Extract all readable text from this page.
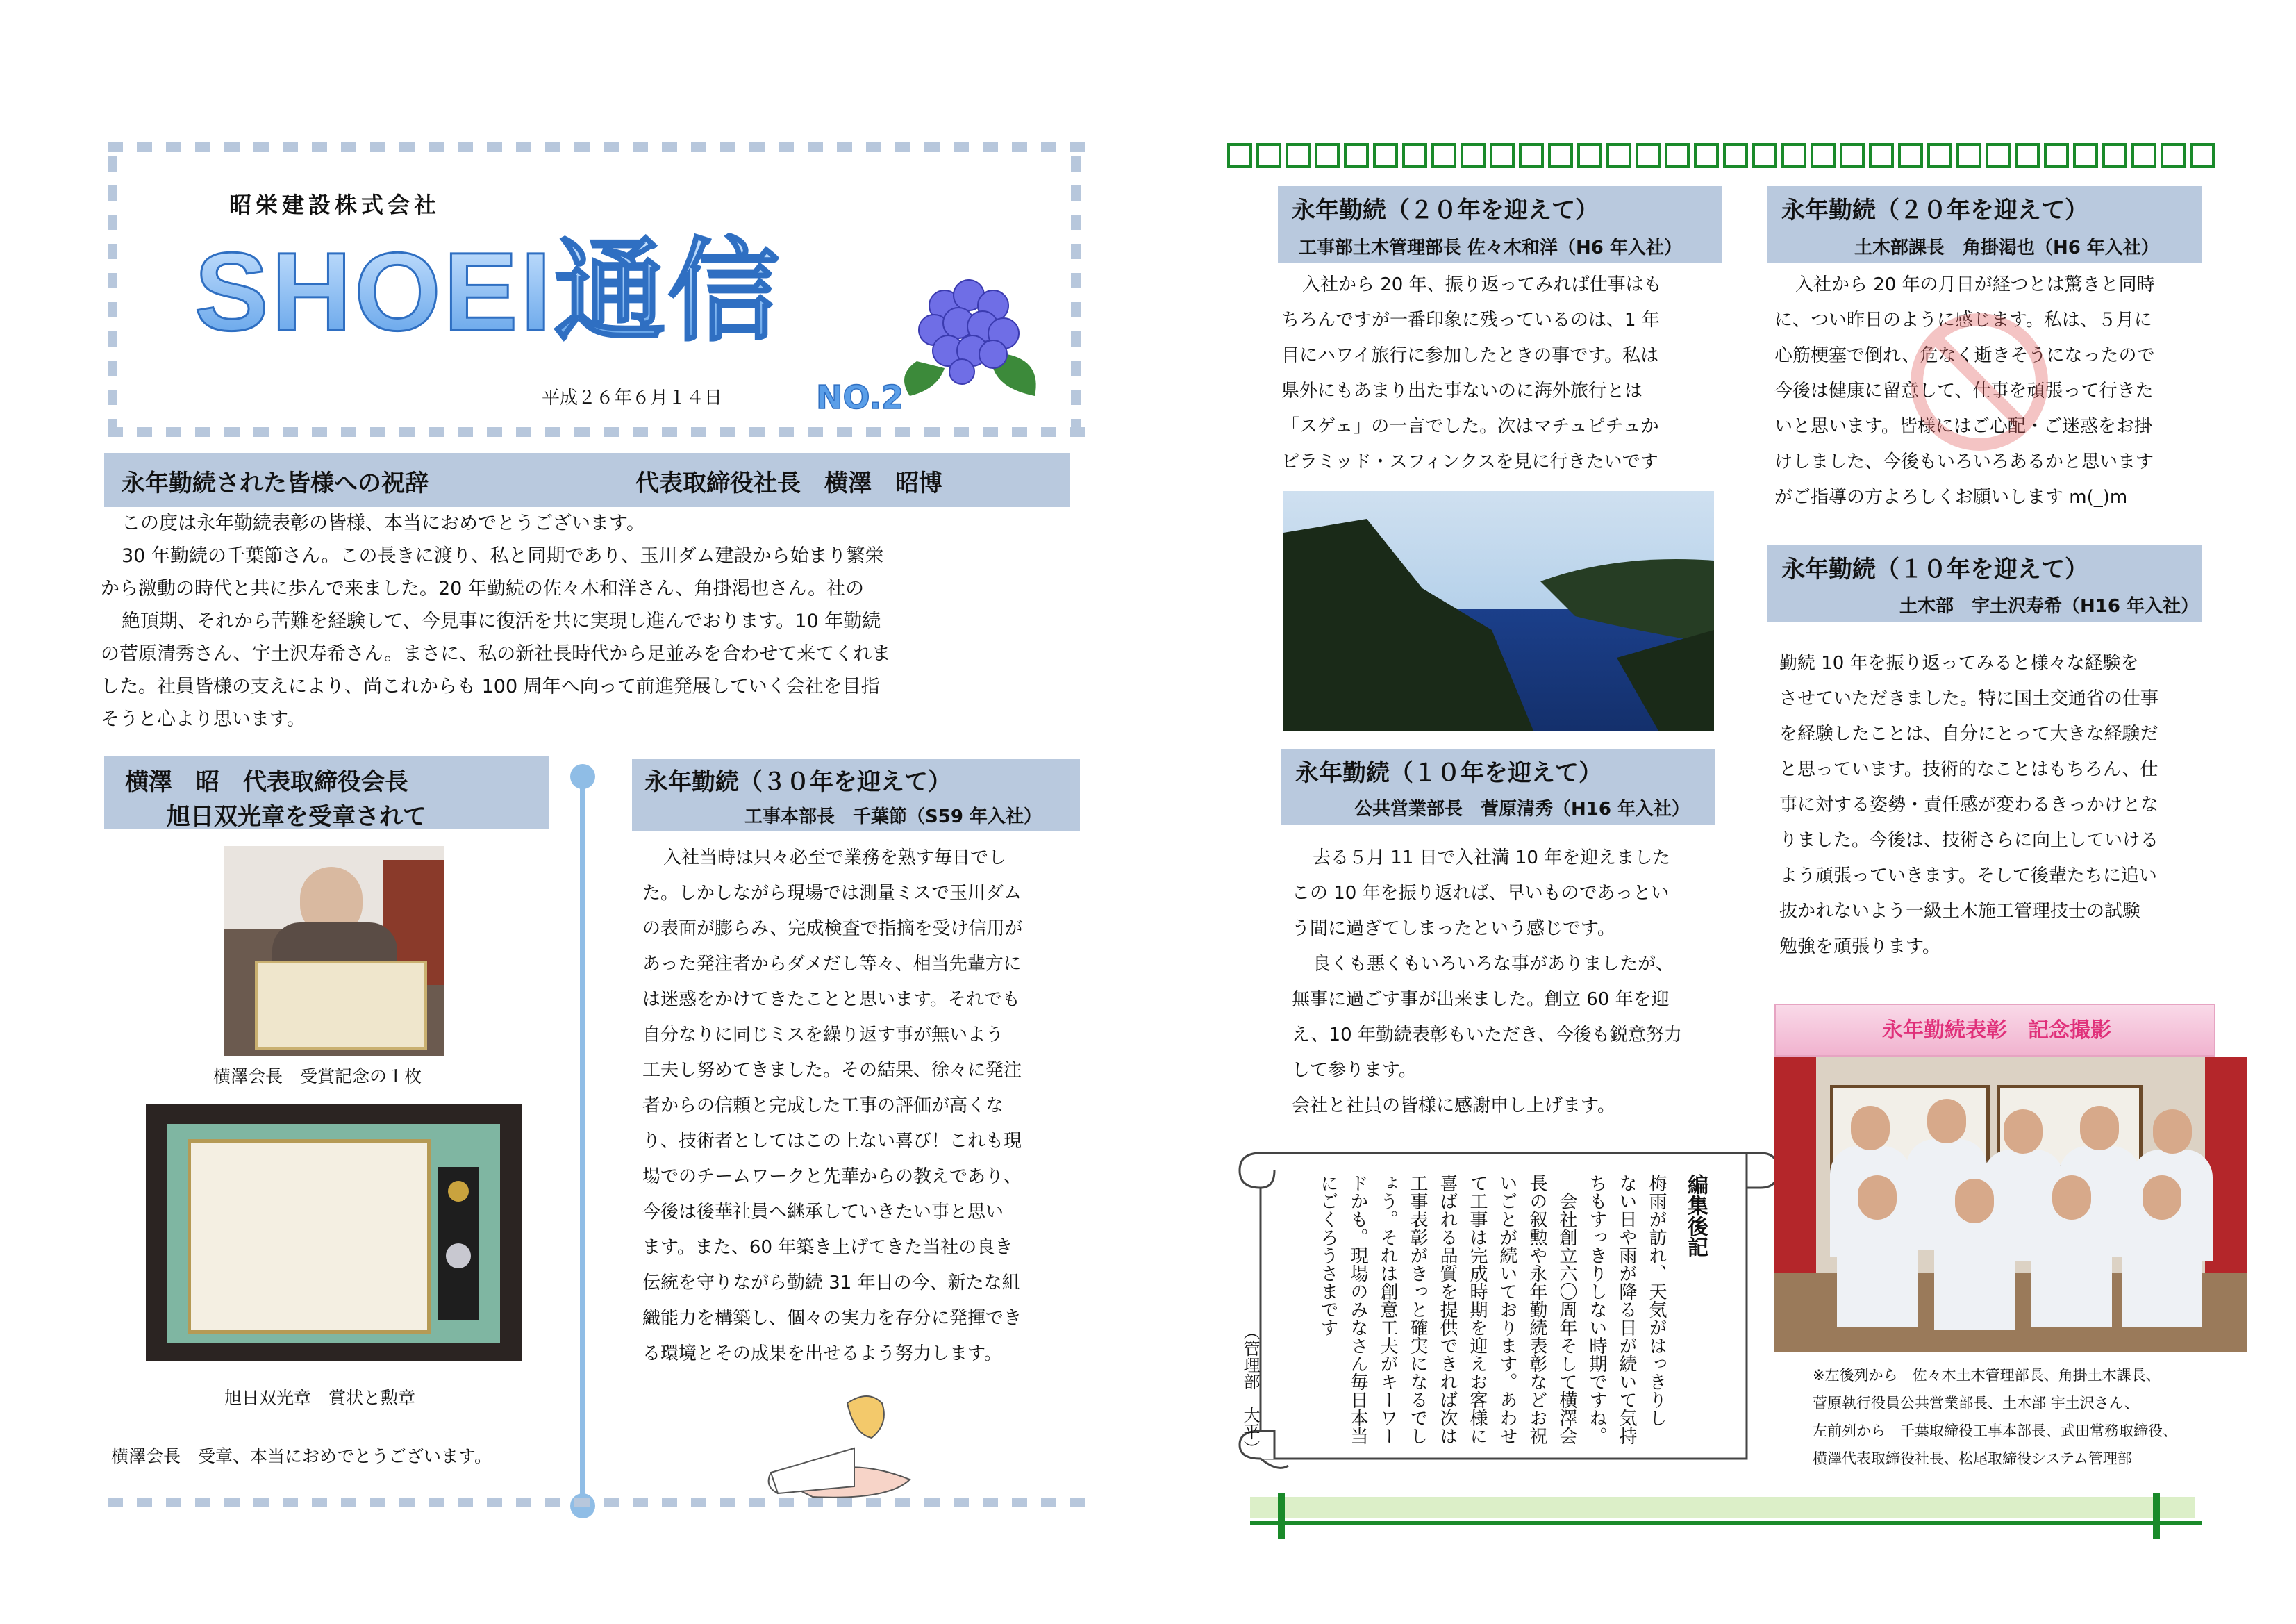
昭栄建設株式会社
SHOEI通信
平成２６年６月１４日	NO.2
永年勤続された皆様への祝辞	代表取締役社長　横澤　昭博

この度は永年勤続表彰の皆様、本当におめでとうございます。

30 年勤続の千葉節さん。この長きに渡り、私と同期であり、玉川ダム建設から始まり繁栄

から激動の時代と共に歩んで来ました。20 年勤続の佐々木和洋さん、角掛渇也さん。社の

絶頂期、それから苦難を経験して、今見事に復活を共に実現し進んでおります。10 年勤続

の菅原清秀さん、宇土沢寿希さん。まさに、私の新社長時代から足並みを合わせて来てくれま

した。社員皆様の支えにより、尚これからも 100 周年へ向って前進発展していく会社を目指

そうと心より思います。

横澤　昭　代表取締役会長
旭日双光章を受章されて
横澤会長　受賞記念の１枚
旭日双光章　賞状と勲章
横澤会長　受章、本当におめでとうございます。
永年勤続（３０年を迎えて）
工事本部長　千葉節（S59 年入社）

入社当時は只々必至で業務を熟す毎日でし

た。しかしながら現場では測量ミスで玉川ダム

の表面が膨らみ、完成検査で指摘を受け信用が

あった発注者からダメだし等々、相当先輩方に

は迷惑をかけてきたことと思います。それでも

自分なりに同じミスを繰り返す事が無いよう

工夫し努めてきました。その結果、徐々に発注

者からの信頼と完成した工事の評価が高くな

り、技術者としてはこの上ない喜び！これも現

場でのチームワークと先華からの教えであり、

今後は後華社員へ継承していきたい事と思い

ます。また、60 年築き上げてきた当社の良き

伝統を守りながら勤続 31 年目の今、新たな組

織能力を構築し、個々の実力を存分に発揮でき

る環境とその成果を出せるよう努力します。

永年勤続（２０年を迎えて）
工事部土木管理部長 佐々木和洋（H6 年入社）

入社から 20 年、振り返ってみれば仕事はも

ちろんですが一番印象に残っているのは、1 年

目にハワイ旅行に参加したときの事です。私は

県外にもあまり出た事ないのに海外旅行とは

「スゲェ」の一言でした。次はマチュピチュか

ピラミッド・スフィンクスを見に行きたいです

永年勤続（１０年を迎えて）
公共営業部長　菅原清秀（H16 年入社）

去る５月 11 日で入社満 10 年を迎えました

この 10 年を振り返れば、早いものであっとい

う間に過ぎてしまったという感じです。

良くも悪くもいろいろな事がありましたが、

無事に過ごす事が出来ました。創立 60 年を迎

え、10 年勤続表彰もいただき、今後も鋭意努力

して参ります。

会社と社員の皆様に感謝申し上げます。

編集後記
梅雨が訪れ、天気がはっきりし
ない日や雨が降る日が続いて気持
ちもすっきりしない時期ですね。
会社創立六〇周年そして横澤会
長の叙勲や永年勤続表彰などお祝
いごとが続いております。あわせ
て工事は完成時期を迎えお客様に
喜ばれる品質を提供できれば次は
工事表彰がきっと確実になるでし
ょう。それは創意工夫がキーワー
ドかも。現場のみなさん毎日本当
にごくろうさまです
（管理部　大平）
永年勤続（２０年を迎えて）
土木部課長　角掛渇也（H6 年入社）

入社から 20 年の月日が経つとは驚きと同時

に、つい昨日のように感じます。私は、５月に

心筋梗塞で倒れ、危なく逝きそうになったので

今後は健康に留意して、仕事を頑張って行きた

いと思います。皆様にはご心配・ご迷惑をお掛

けしました、今後もいろいろあるかと思います

がご指導の方よろしくお願いします m(_)m

永年勤続（１０年を迎えて）
土木部　宇土沢寿希（H16 年入社）

勤続 10 年を振り返ってみると様々な経験を

させていただきました。特に国土交通省の仕事

を経験したことは、自分にとって大きな経験だ

と思っています。技術的なことはもちろん、仕

事に対する姿勢・責任感が変わるきっかけとな

りました。今後は、技術さらに向上していける

よう頑張っていきます。そして後輩たちに追い

抜かれないよう一級土木施工管理技士の試験

勉強を頑張ります。

永年勤続表彰　記念撮影
※左後列から　佐々木土木管理部長、角掛土木課長、
菅原執行役員公共営業部長、土木部 宇土沢さん、
左前列から　千葉取締役工事本部長、武田常務取締役、
横澤代表取締役社長、松尾取締役システム管理部
